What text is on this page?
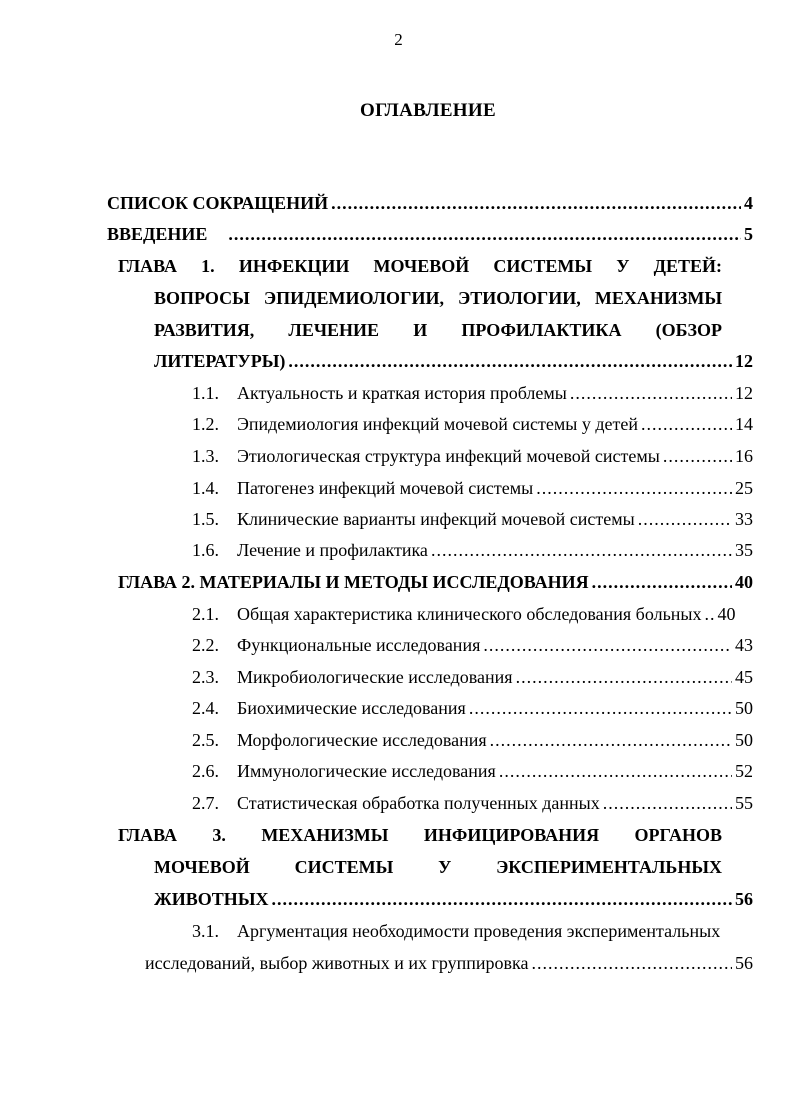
2
ОГЛАВЛЕНИЕ
СПИСОК СОКРАЩЕНИЙ .....	4
ВВЕДЕНИЕ .....	5
ГЛАВА 1. ИНФЕКЦИИ МОЧЕВОЙ СИСТЕМЫ У ДЕТЕЙ:
ВОПРОСЫ ЭПИДЕМИОЛОГИИ, ЭТИОЛОГИИ, МЕХАНИЗМЫ
РАЗВИТИЯ, ЛЕЧЕНИЕ И ПРОФИЛАКТИКА (ОБЗОР
ЛИТЕРАТУРЫ) .....	12
1.1.	Актуальность и краткая история проблемы .....	12
1.2.	Эпидемиология инфекций мочевой системы у детей .....	14
1.3.	Этиологическая структура инфекций мочевой системы .....	16
1.4.	Патогенез инфекций мочевой системы .....	25
1.5.	Клинические варианты инфекций мочевой системы .....	33
1.6.	Лечение и профилактика .....	35
ГЛАВА 2. МАТЕРИАЛЫ И МЕТОДЫ ИССЛЕДОВАНИЯ .....	40
2.1.	Общая характеристика клинического обследования больных ..... 40
2.2.	Функциональные исследования .....	43
2.3.	Микробиологические исследования .....	45
2.4.	Биохимические исследования .....	50
2.5.	Морфологические исследования .....	50
2.6.	Иммунологические исследования .....	52
2.7.	Статистическая обработка полученных данных .....	55
ГЛАВА 3. МЕХАНИЗМЫ ИНФИЦИРОВАНИЯ ОРГАНОВ
МОЧЕВОЙ СИСТЕМЫ У ЭКСПЕРИМЕНТАЛЬНЫХ
ЖИВОТНЫХ .....	56
3.1.	Аргументация необходимости проведения экспериментальных
исследований, выбор животных и их группировка .....	56
